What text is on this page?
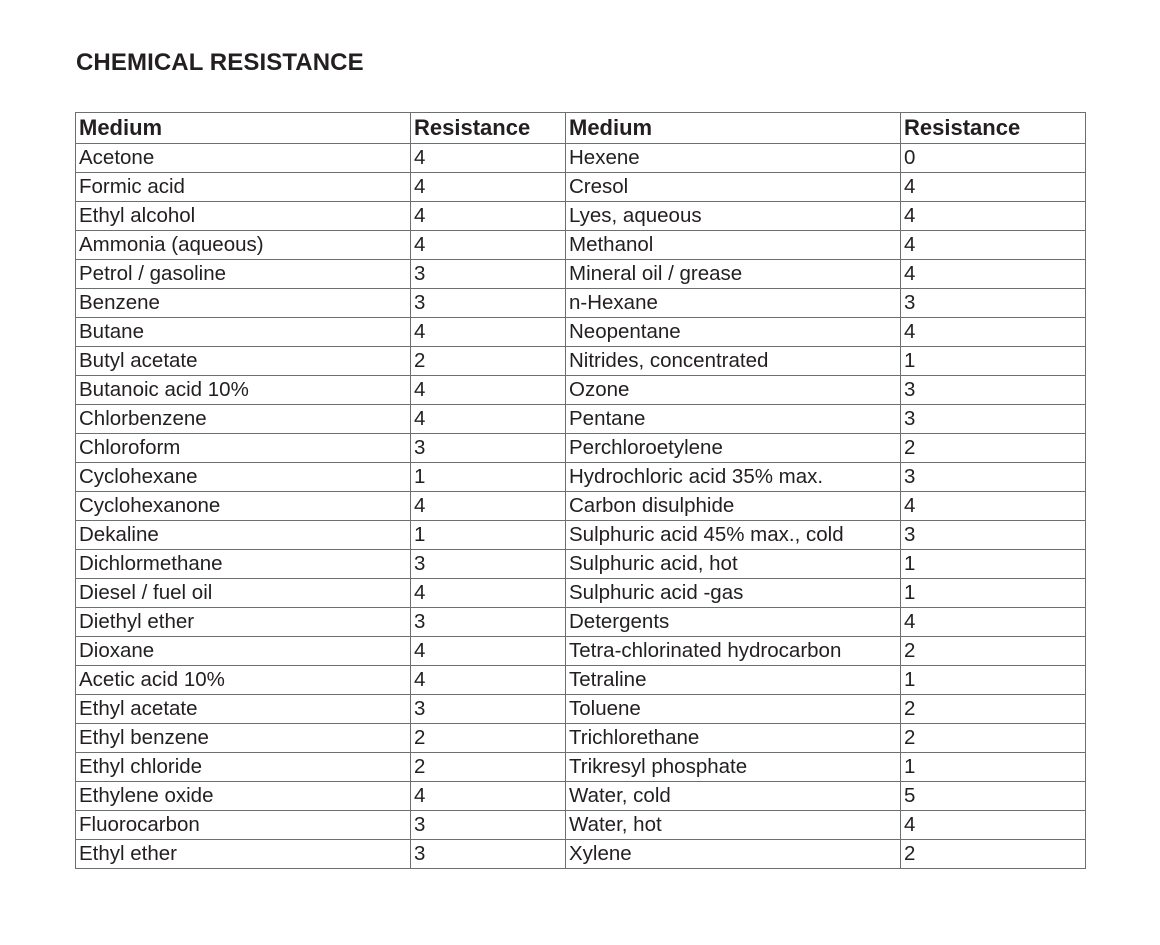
CHEMICAL RESISTANCE
Medium	Resistance	Medium	Resistance
Acetone	4	Hexene	0
Formic acid	4	Cresol	4
Ethyl alcohol	4	Lyes, aqueous	4
Ammonia (aqueous)	4	Methanol	4
Petrol / gasoline	3	Mineral oil / grease	4
Benzene	3	n-Hexane	3
Butane	4	Neopentane	4
Butyl acetate	2	Nitrides, concentrated	1
Butanoic acid 10%	4	Ozone	3
Chlorbenzene	4	Pentane	3
Chloroform	3	Perchloroetylene	2
Cyclohexane	1	Hydrochloric acid 35% max.	3
Cyclohexanone	4	Carbon disulphide	4
Dekaline	1	Sulphuric acid 45% max., cold	3
Dichlormethane	3	Sulphuric acid, hot	1
Diesel / fuel oil	4	Sulphuric acid -gas	1
Diethyl ether	3	Detergents	4
Dioxane	4	Tetra-chlorinated hydrocarbon	2
Acetic acid 10%	4	Tetraline	1
Ethyl acetate	3	Toluene	2
Ethyl benzene	2	Trichlorethane	2
Ethyl chloride	2	Trikresyl phosphate	1
Ethylene oxide	4	Water, cold	5
Fluorocarbon	3	Water, hot	4
Ethyl ether	3	Xylene	2
